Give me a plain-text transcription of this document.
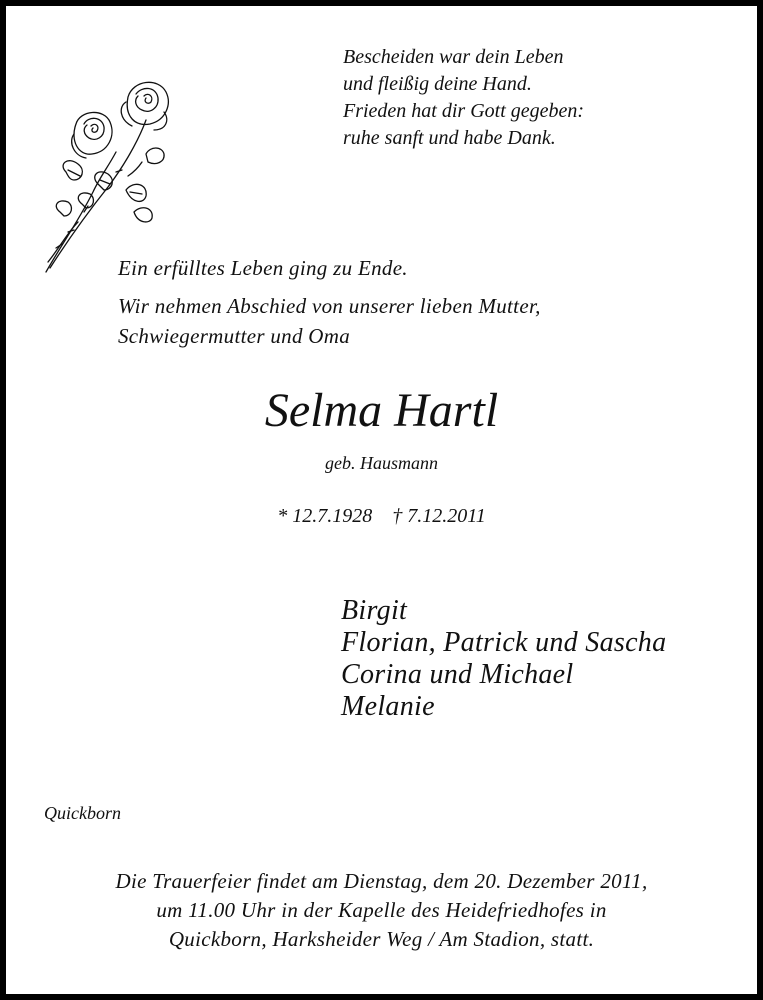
Bescheiden war dein Leben
und fleißig deine Hand.
Frieden hat dir Gott gegeben:
ruhe sanft und habe Dank.
Ein erfülltes Leben ging zu Ende.
Wir nehmen Abschied von unserer lieben Mutter,
Schwiegermutter und Oma
Selma Hartl
geb. Hausmann
* 12.7.1928 † 7.12.2011
Birgit
Florian, Patrick und Sascha
Corina und Michael
Melanie
Quickborn
Die Trauerfeier findet am Dienstag, dem 20. Dezember 2011,
um 11.00 Uhr in der Kapelle des Heidefriedhofes in
Quickborn, Harksheider Weg / Am Stadion, statt.
